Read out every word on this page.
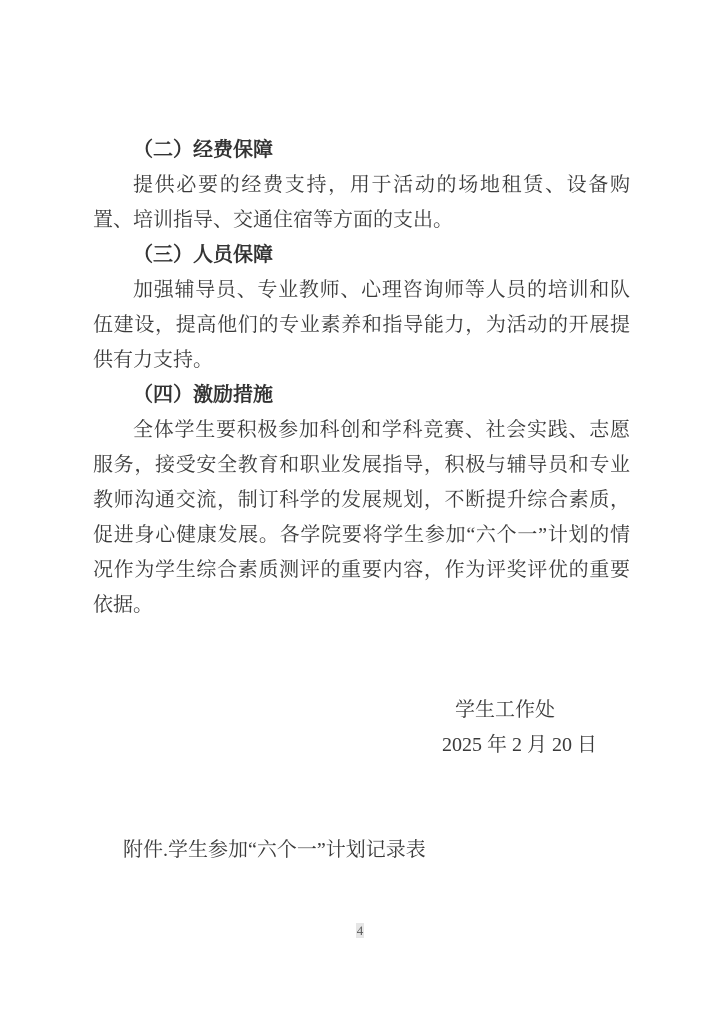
（二）经费保障

提供必要的经费支持，用于活动的场地租赁、设备购置、培训指导、交通住宿等方面的支出。

（三）人员保障

加强辅导员、专业教师、心理咨询师等人员的培训和队伍建设，提高他们的专业素养和指导能力，为活动的开展提供有力支持。

（四）激励措施

全体学生要积极参加科创和学科竞赛、社会实践、志愿服务，接受安全教育和职业发展指导，积极与辅导员和专业教师沟通交流，制订科学的发展规划，不断提升综合素质，促进身心健康发展。各学院要将学生参加“六个一”计划的情况作为学生综合素质测评的重要内容，作为评奖评优的重要依据。

学生工作处
2025 年 2 月 20 日
附件.学生参加“六个一”计划记录表
4
